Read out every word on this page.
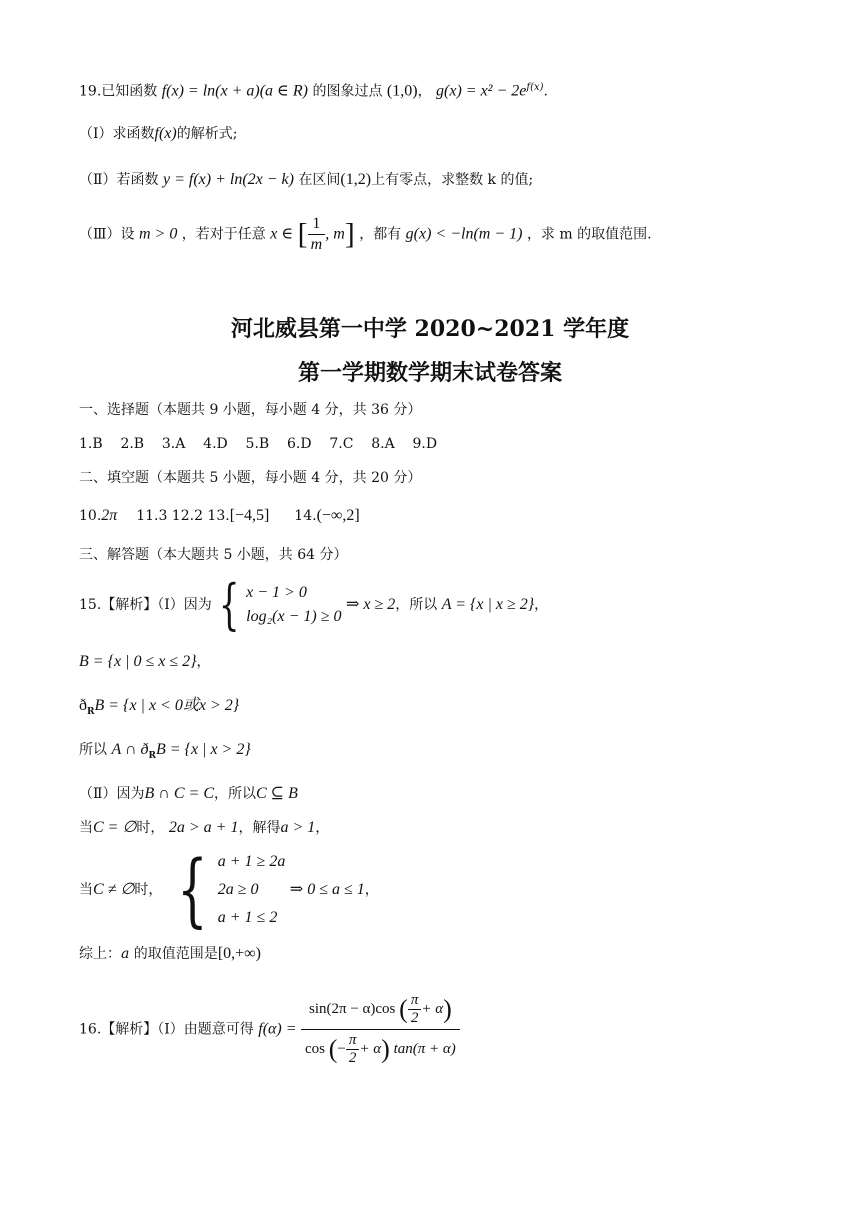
19.已知函数 f(x) = ln(x + a)(a ∈ R) 的图象过点 (1,0)， $g(x) = x^2 - 2e^{f(x)}$.
（Ⅰ）求函数f(x)的解析式;
（Ⅱ）若函数 y = f(x) + ln(2x − k) 在区间(1,2)上有零点，求整数 k 的值;
（Ⅲ）设 m > 0 ，若对于任意 x ∈ [ $\frac{1}{m}$ , m] ，都有 g(x) < −ln(m − 1) ，求 m 的取值范围.
河北威县第一中学 2020~2021 学年度
第一学期数学期末试卷答案
一、选择题（本题共 9 小题，每小题 4 分，共 36 分）
1.B    2.B    3.A    4.D    5.B    6.D    7.C    8.A    9.D
二、填空题（本题共 5 小题，每小题 4 分，共 20 分）
10.2π 11.3 12.2 13.[−4,5] 14.(−∞,2]
三、解答题（本大题共 5 小题，共 64 分）
15.【解析】（Ⅰ）因为 { x − 1 > 0
log₂(x − 1) ≥ 0
⇒ x ≥ 2，所以 A = {x | x ≥ 2}，
B = {x | 0 ≤ x ≤ 2}，
$ð_RB = \{x$ | x < 0或x > 2}
所以 A ∩ $ð_RB = \{x$ | x > 2}
（Ⅱ）因为B ∩ C = C，所以C ⊆ B
当C = ∅时， 2a > a + 1，解得a > 1，
当C ≠ ∅时， { a + 1 ≥ 2a
2a ≥ 0
a + 1 ≤ 2
⇒ 0 ≤ a ≤ 1，
综上：a 的取值范围是[0,+∞)
16.【解析】（Ⅰ）由题意可得 $f(\alpha) = \frac{\sin(2\pi - \alpha)\cos ( \frac{\pi}{2} + \alpha)}{\cos (- \frac{\pi}{2} + \alpha) \tan(\pi + \alpha)}$
